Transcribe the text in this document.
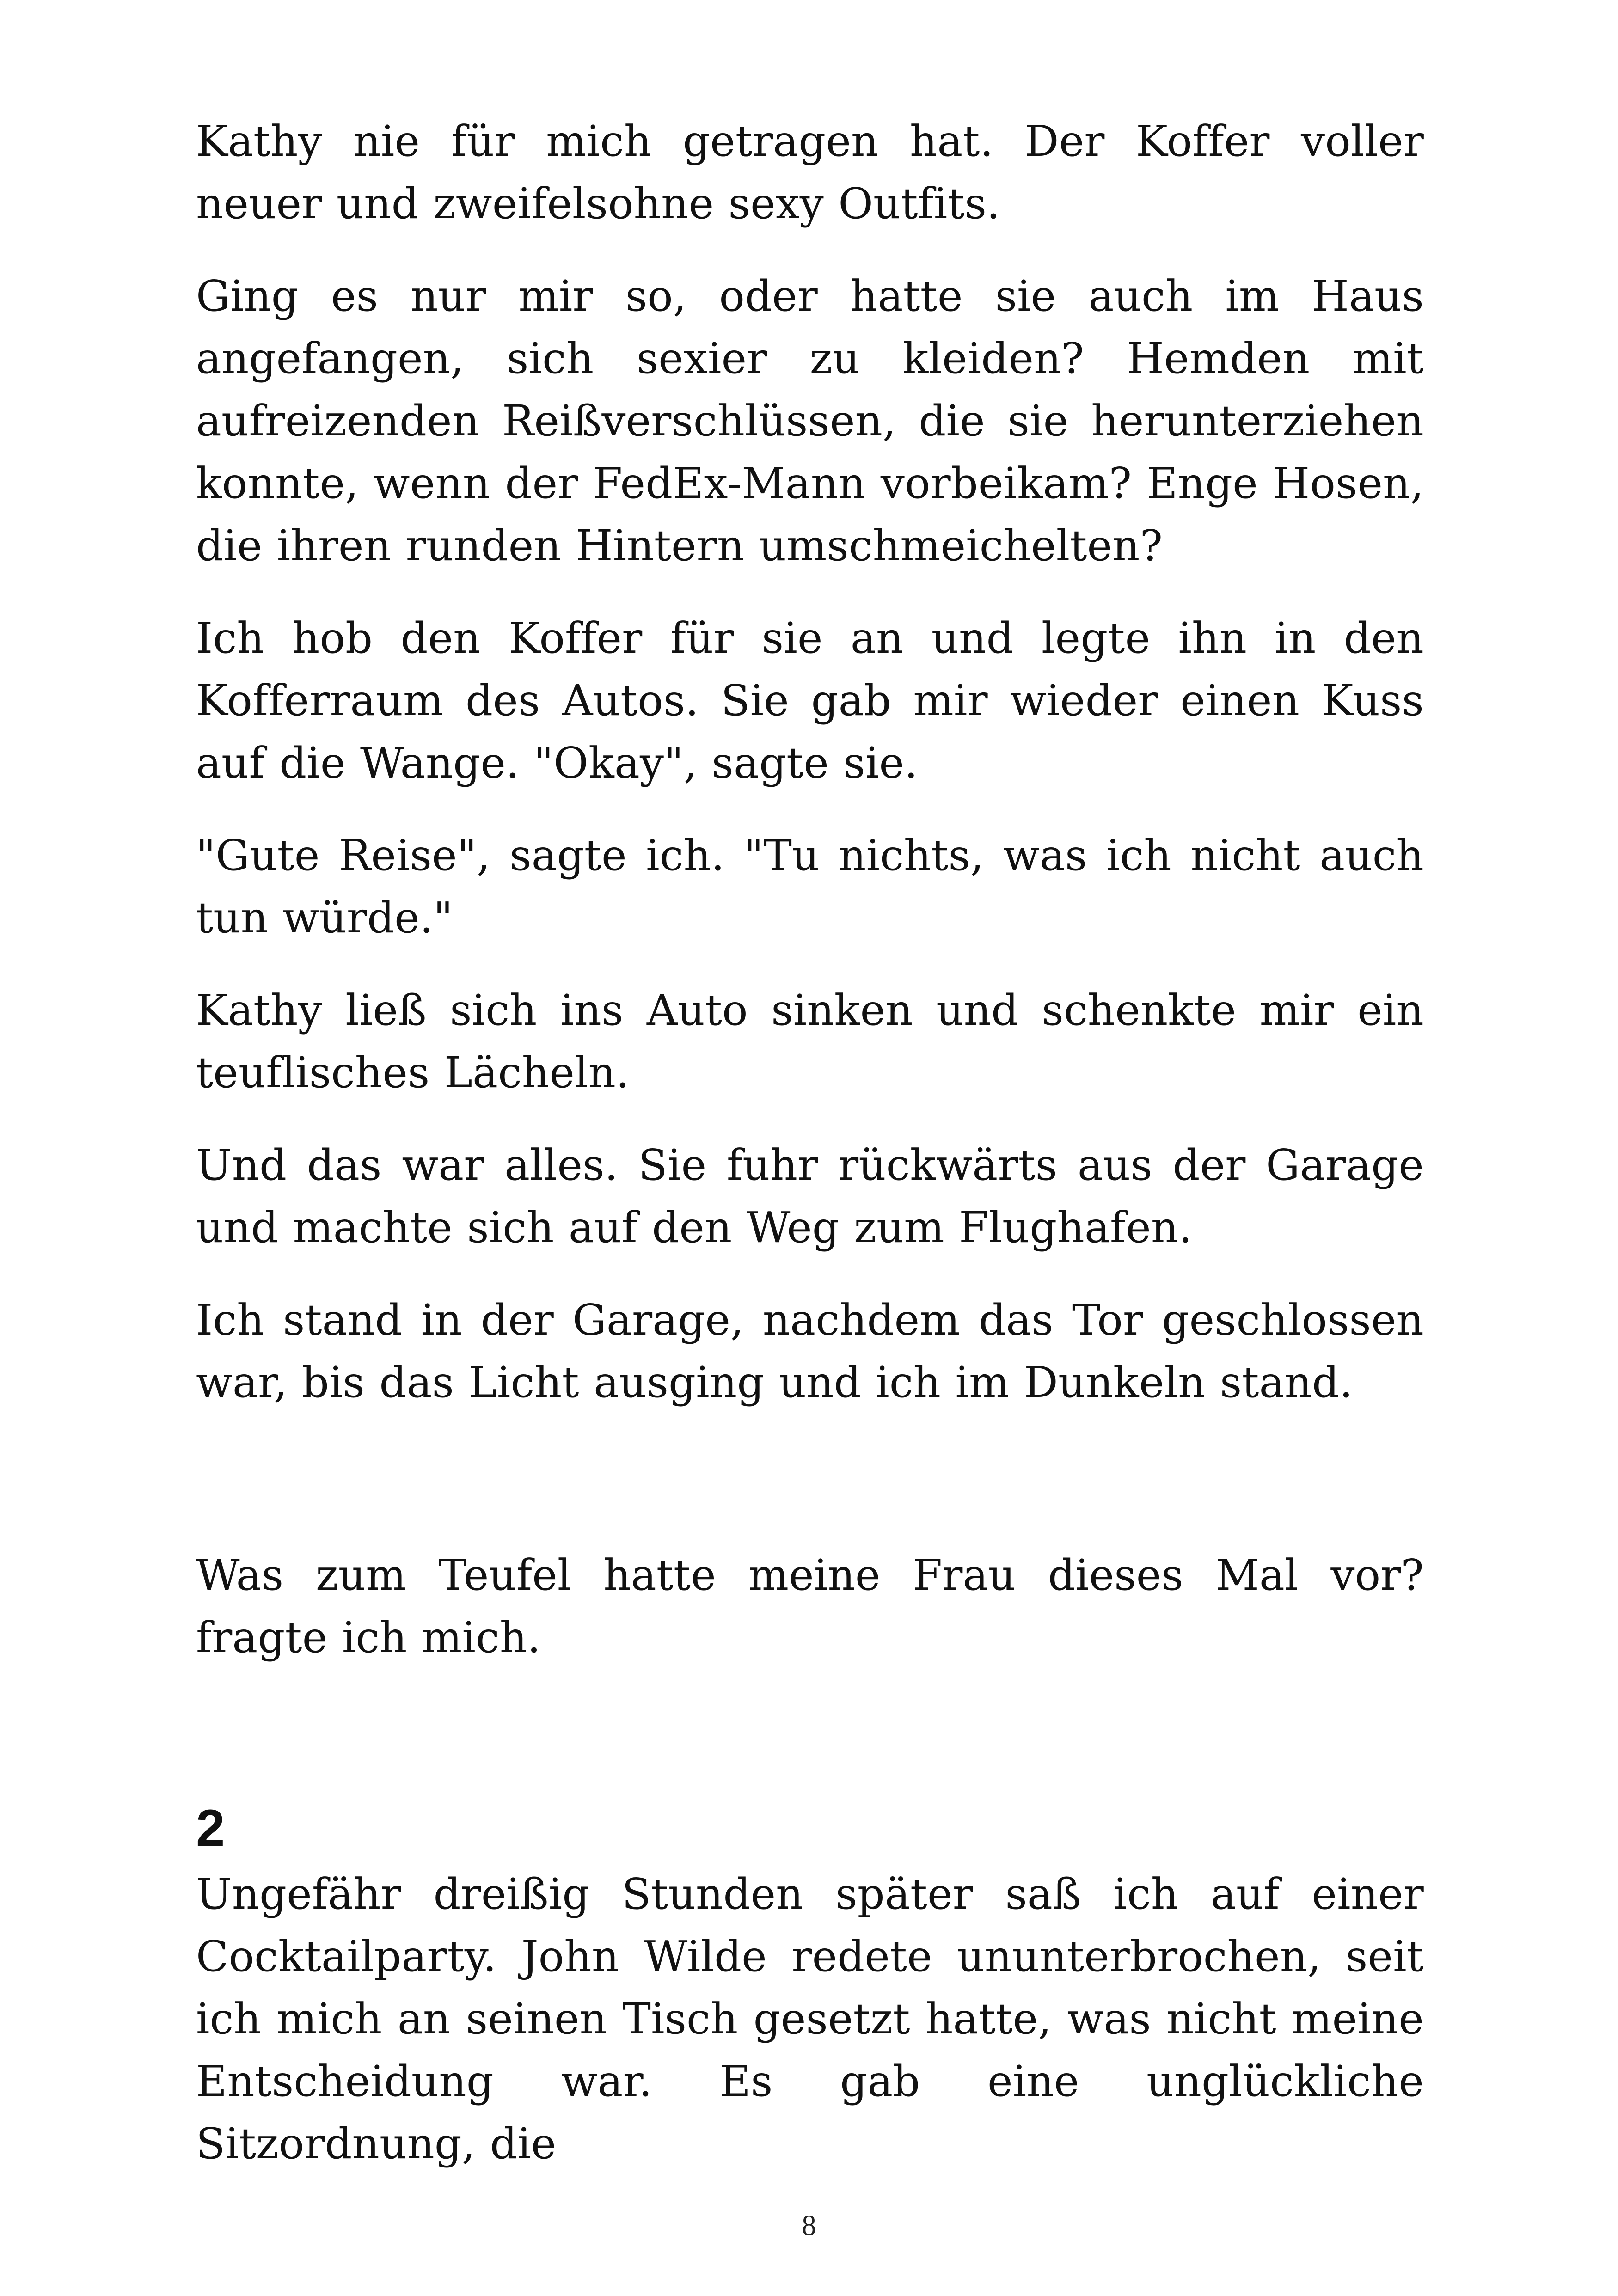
Kathy nie für mich getragen hat. Der Koffer voller neuer und zweifelsohne sexy Outfits.

Ging es nur mir so, oder hatte sie auch im Haus angefangen, sich sexier zu kleiden? Hemden mit aufreizenden Reißverschlüssen, die sie herunterziehen konnte, wenn der FedEx-Mann vorbeikam? Enge Hosen, die ihren runden Hintern umschmeichelten?

Ich hob den Koffer für sie an und legte ihn in den Kofferraum des Autos. Sie gab mir wieder einen Kuss auf die Wange. "Okay", sagte sie.

"Gute Reise", sagte ich. "Tu nichts, was ich nicht auch tun würde."

Kathy ließ sich ins Auto sinken und schenkte mir ein teuflisches Lächeln.

Und das war alles. Sie fuhr rückwärts aus der Garage und machte sich auf den Weg zum Flughafen.

Ich stand in der Garage, nachdem das Tor geschlossen war, bis das Licht ausging und ich im Dunkeln stand.

Was zum Teufel hatte meine Frau dieses Mal vor? fragte ich mich.

2

Ungefähr dreißig Stunden später saß ich auf einer Cocktailparty. John Wilde redete ununterbrochen, seit ich mich an seinen Tisch gesetzt hatte, was nicht meine Entscheidung war. Es gab eine unglückliche Sitzordnung, die

8
